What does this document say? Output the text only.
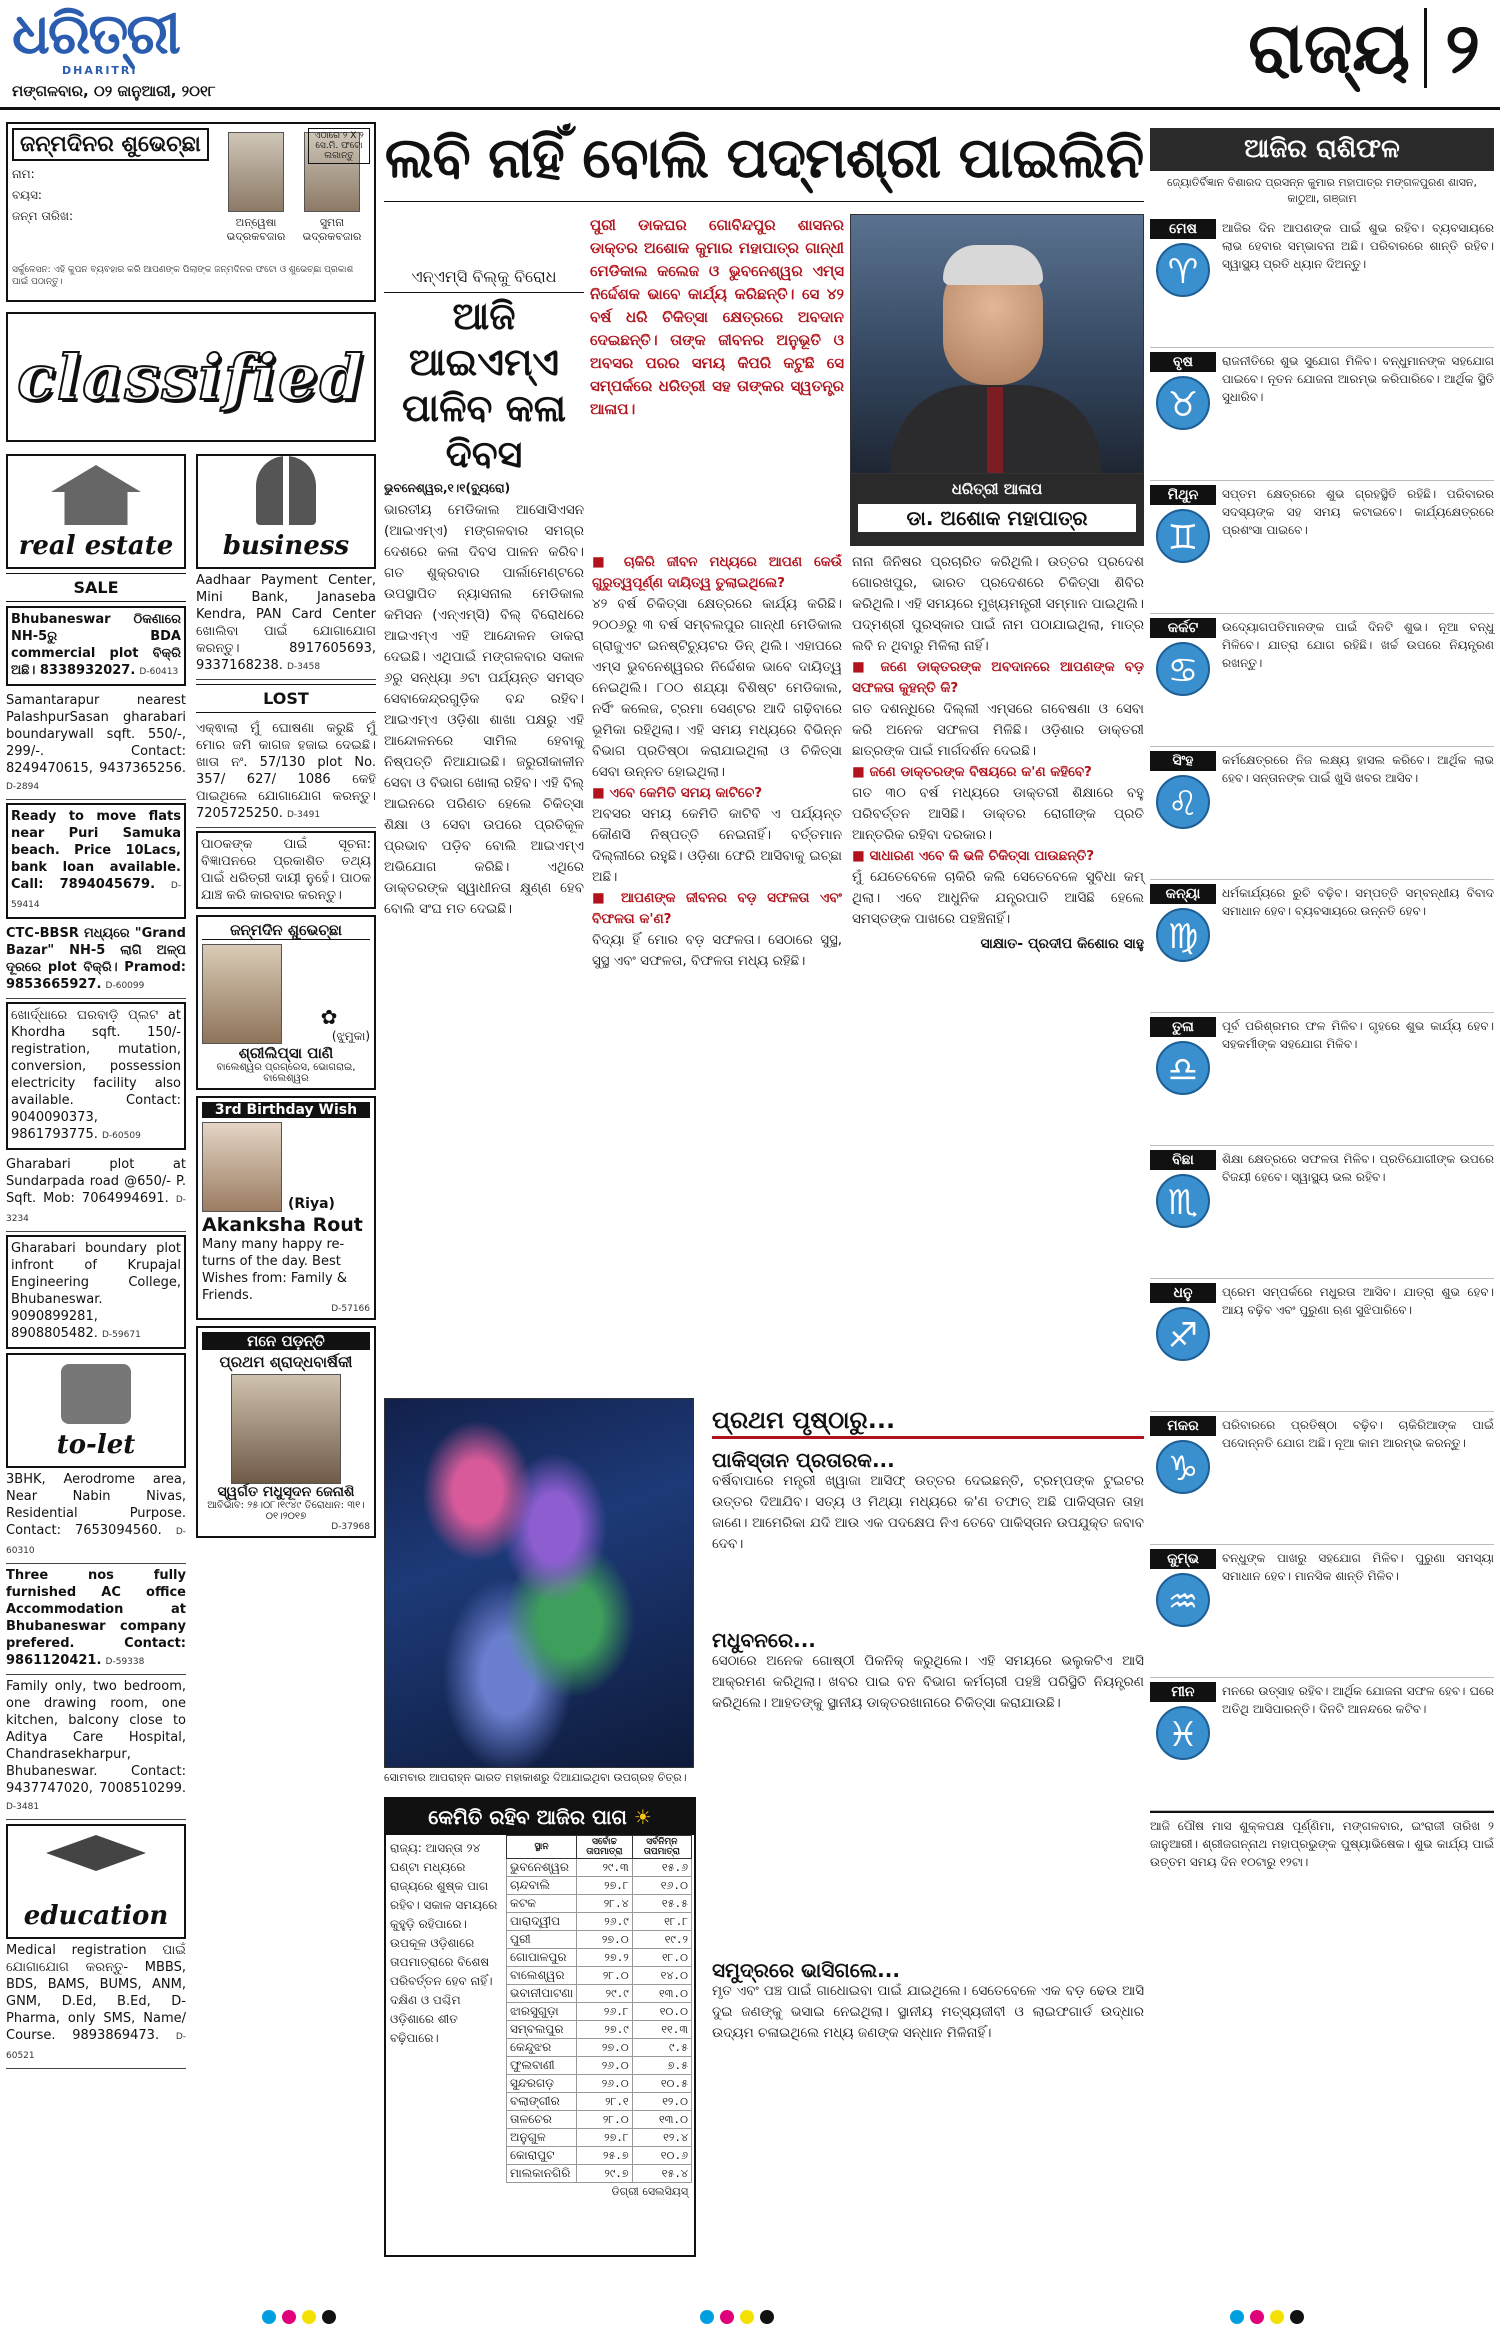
ଧରିତ୍ରୀ
DHARITRI
ମଙ୍ଗଳବାର, ୦୨ ଜାନୁଆରୀ, ୨୦୧୮
ରାଜ୍ୟ ୨
ଜନ୍ମଦିନର ଶୁଭେଚ୍ଛା
ନାମ:
ବୟସ:
ଜନ୍ମ ତାରିଖ:	ଅନ୍ୱେଷା ଭଦ୍ରକବଜାର
ସୁମନା ଭଦ୍ରକବଜାର
ଏଠାରେ ୨ X ୨ ସେ.ମି. ଫଟୋ ଲଗାନ୍ତୁ
ସର୍କୁଳେସନ: ଏହି କୁପନ ବ୍ୟବହାର କରି ଆପଣଙ୍କ ପିଲାଙ୍କ ଜନ୍ମଦିନର ଫଟୋ ଓ ଶୁଭେଚ୍ଛା ପ୍ରକାଶ ପାଇଁ ପଠାନ୍ତୁ।
classified
real estate
SALE
Bhubaneswar ଠିକଣାରେ NH-5ରୁ BDA commercial plot ବିକ୍ରି ଅଛି। 8338932027. D-60413
Samantarapur nearest PalashpurSasan gharabari boundarywall sqft. 550/-, 299/-. Contact: 8249470615, 9437365256. D-2894
Ready to move flats near Puri Samuka beach. Price 10Lacs, bank loan available. Call: 7894045679. D-59414
CTC-BBSR ମଧ୍ୟରେ "Grand Bazar" NH-5 ଲାଗି ଅଳ୍ପ ଦୂରରେ plot ବିକ୍ରି। Pramod: 9853665927. D-60099
ଖୋର୍ଦ୍ଧାରେ ଘରବାଡ଼ି ପ୍ଲଟ at Khordha sqft. 150/- registration, mutation, conversion, possession electricity facility also available. Contact: 9040090373, 9861793775. D-60509
Gharabari plot at Sundarpada road @650/- P. Sqft. Mob: 7064994691. D-3234
Gharabari boundary plot infront of Krupajal Engineering College, Bhubaneswar. 9090899281, 8908805482. D-59671
to-let
3BHK, Aerodrome area, Near Nabin Nivas, Residential Purpose. Contact: 7653094560. D-60310
Three nos fully furnished AC office Accommodation at Bhubaneswar company prefered. Contact: 9861120421. D-59338
Family only, two bedroom, one drawing room, one kitchen, balcony close to Aditya Care Hospital, Chandrasekharpur, Bhubaneswar. Contact: 9437747020, 7008510299. D-3481
education
Medical registration ପାଇଁ ଯୋଗାଯୋଗ କରନ୍ତୁ- MBBS, BDS, BAMS, BUMS, ANM, GNM, D.Ed, B.Ed, D-Pharma, only SMS, Name/ Course. 9893869473. D-60521
business
Aadhaar Payment Center, Mini Bank, Janaseba Kendra, PAN Card Center ଖୋଲିବା ପାଇଁ ଯୋଗାଯୋଗ କରନ୍ତୁ। 8917605693, 9337168238. D-3458
LOST
ଏକ୍ଵାଲା ମୁଁ ଘୋଷଣା କରୁଛି ମୁଁ ମୋର ଜମି କାଗଜ ହଜାଇ ଦେଇଛି। ଖାତା ନଂ. 57/130 plot No. 357/ 627/ 1086 କେହି ପାଇଥିଲେ ଯୋଗାଯୋଗ କରନ୍ତୁ। 7205725250. D-3491
ପାଠକଙ୍କ ପାଇଁ ସୂଚନା: ବିଜ୍ଞାପନରେ ପ୍ରକାଶିତ ତଥ୍ୟ ପାଇଁ ଧରିତ୍ରୀ ଦାୟୀ ନୁହେଁ। ପାଠକ ଯାଞ୍ଚ କରି କାରବାର କରନ୍ତୁ।
ଜନ୍ମଦିନ ଶୁଭେଚ୍ଛା
✿
(ଝୁମୁକା)
ଶ୍ରୀଲିପ୍ସା ପାଣି
ବାଲେଶ୍ୱର ପ୍ରଗ୍ରେସ, ଭୋଗରାଇ, ବାଲେଶ୍ୱର
3rd Birthday Wish
(Riya)
Akanksha Rout
Many many happy re-turns of the day. Best Wishes from: Family & Friends.
D-57166
ମନେ ପଡ଼ନ୍ତି
ପ୍ରଥମ ଶ୍ରାଦ୍ଧବାର୍ଷିକୀ
ସ୍ୱର୍ଗତ ମଧୁସୂଦନ ଜେନାଶି
ଆବିର୍ଭାବ: ୨୫।୦୮।୧୯୪୯ ତିରୋଧାନ: ୩୧।୦୧।୨୦୧୭
D-37968
ଲବି ନାହିଁ ବୋଲି ପଦ୍ମଶ୍ରୀ ପାଇଲିନି
ପୁରୀ ଡାକଘର ଗୋବିନ୍ଦପୁର ଶାସନର ଡାକ୍ତର ଅଶୋକ କୁମାର ମହାପାତ୍ର ଗାନ୍ଧୀ ମେଡିକାଲ କଲେଜ ଓ ଭୁବନେଶ୍ୱର ଏମ୍ସ ନିର୍ଦ୍ଦେଶକ ଭାବେ କାର୍ଯ୍ୟ କରିଛନ୍ତି। ସେ ୪୨ ବର୍ଷ ଧରି ଚିକିତ୍ସା କ୍ଷେତ୍ରରେ ଅବଦାନ ଦେଇଛନ୍ତି। ତାଙ୍କ ଜୀବନର ଅନୁଭୂତି ଓ ଅବସର ପରର ସମୟ କିପରି କଟୁଛି ସେ ସମ୍ପର୍କରେ ଧରିତ୍ରୀ ସହ ତାଙ୍କର ସ୍ୱତନ୍ତ୍ର ଆଳାପ।
ଧରିତ୍ରୀ ଆଳାପ
ଡା. ଅଶୋକ ମହାପାତ୍ର
ଏନ୍‌ଏମ୍‌ସି ବିଲ୍‌କୁ ବିରୋଧ
ଆଜି ଆଇଏମ୍‌ଏ ପାଳିବ କଳା ଦିବସ
ଭୁବନେଶ୍ୱର,୧।୧(ବ୍ୟୁରୋ)
ଭାରତୀୟ ମେଡିକାଲ ଆସୋସିଏସନ (ଆଇଏମ୍‌ଏ) ମଙ୍ଗଳବାର ସମଗ୍ର ଦେଶରେ କଳା ଦିବସ ପାଳନ କରିବ। ଗତ ଶୁକ୍ରବାର ପାର୍ଲାମେଣ୍ଟରେ ଉପସ୍ଥାପିତ ନ୍ୟାସନାଲ ମେଡିକାଲ କମିସନ (ଏନ୍‌ଏମ୍‌ସି) ବିଲ୍ ବିରୋଧରେ ଆଇଏମ୍‌ଏ ଏହି ଆନ୍ଦୋଳନ ଡାକରା ଦେଇଛି। ଏଥିପାଇଁ ମଙ୍ଗଳବାର ସକାଳ ୬ରୁ ସନ୍ଧ୍ୟା ୬ଟା ପର୍ଯ୍ୟନ୍ତ ସମସ୍ତ ସେବାକେନ୍ଦ୍ରଗୁଡ଼ିକ ବନ୍ଦ ରହିବ। ଆଇଏମ୍‌ଏ ଓଡ଼ିଶା ଶାଖା ପକ୍ଷରୁ ଏହି ଆନ୍ଦୋଳନରେ ସାମିଲ ହେବାକୁ ନିଷ୍ପତ୍ତି ନିଆଯାଇଛି। ଜରୁରୀକାଳୀନ ସେବା ଓ ବିଭାଗ ଖୋଲା ରହିବ। ଏହି ବିଲ୍ ଆଇନରେ ପରିଣତ ହେଲେ ଚିକିତ୍ସା ଶିକ୍ଷା ଓ ସେବା ଉପରେ ପ୍ରତିକୂଳ ପ୍ରଭାବ ପଡ଼ିବ ବୋଲି ଆଇଏମ୍‌ଏ ଅଭିଯୋଗ କରିଛି। ଏଥିରେ ଡାକ୍ତରଙ୍କ ସ୍ୱାଧୀନତା କ୍ଷୁଣ୍ଣ ହେବ ବୋଲି ସଂଘ ମତ ଦେଇଛି।
■ ଚାକିରି ଜୀବନ ମଧ୍ୟରେ ଆପଣ କେଉଁ ଗୁରୁତ୍ୱପୂର୍ଣ୍ଣ ଦାୟିତ୍ୱ ତୁଲାଇଥିଲେ?
୪୨ ବର୍ଷ ଚିକିତ୍ସା କ୍ଷେତ୍ରରେ କାର୍ଯ୍ୟ କରିଛି। ୨୦୦୬ରୁ ୩ ବର୍ଷ ସମ୍ବଲପୁର ଗାନ୍ଧୀ ମେଡିକାଲ ଗ୍ରାଜୁଏଟ ଇନଷ୍ଟିଚ୍ୟୁଟର ଡିନ୍ ଥିଲି। ଏହାପରେ ଏମ୍ସ ଭୁବନେଶ୍ୱରର ନିର୍ଦ୍ଦେଶକ ଭାବେ ଦାୟିତ୍ୱ ନେଇଥିଲି। ୮୦୦ ଶଯ୍ୟା ବିଶିଷ୍ଟ ମେଡିକାଲ, ନର୍ସିଂ କଲେଜ, ଟ୍ରମା ସେଣ୍ଟର ଆଦି ଗଢ଼ିବାରେ ଭୂମିକା ରହିଥିଲା। ଏହି ସମୟ ମଧ୍ୟରେ ବିଭିନ୍ନ ବିଭାଗ ପ୍ରତିଷ୍ଠା କରାଯାଇଥିଲା ଓ ଚିକିତ୍ସା ସେବା ଉନ୍ନତ ହୋଇଥିଲା।
■ ଏବେ କେମିତି ସମୟ କାଟିଚେ?
ଅବସର ସମୟ କେମିତି କାଟିବି ଏ ପର୍ଯ୍ୟନ୍ତ କୌଣସି ନିଷ୍ପତ୍ତି ନେଇନାହିଁ। ବର୍ତ୍ତମାନ ଦିଲ୍ଲୀରେ ରହୁଛି। ଓଡ଼ିଶା ଫେରି ଆସିବାକୁ ଇଚ୍ଛା ଅଛି।
■ ଆପଣଙ୍କ ଜୀବନର ବଡ଼ ସଫଳତା ଏବଂ ବିଫଳତା କ'ଣ?
ବିଦ୍ୟା ହିଁ ମୋର ବଡ଼ ସଫଳତା। ସେଠାରେ ସୁସ୍ଥ, ସୁସ୍ଥ ଏବଂ ସଫଳତା, ବିଫଳତା ମଧ୍ୟ ରହିଛି।
ନାନା ଜିନିଷର ପ୍ରଚାରିତ କରିଥିଲି। ଉତ୍ତର ପ୍ରଦେଶ ଗୋରଖପୁର, ଭାରତ ପ୍ରଦେଶରେ ଚିକିତ୍ସା ଶିବିର କରିଥିଲି। ଏହି ସମୟରେ ମୁଖ୍ୟମନ୍ତ୍ରୀ ସମ୍ମାନ ପାଇଥିଲି। ପଦ୍ମଶ୍ରୀ ପୁରସ୍କାର ପାଇଁ ନାମ ପଠାଯାଇଥିଲା, ମାତ୍ର ଲବି ନ ଥିବାରୁ ମିଳିଲା ନାହିଁ।
■ ଜଣେ ଡାକ୍ତରଙ୍କ ଅବଦାନରେ ଆପଣଙ୍କ ବଡ଼ ସଫଳତା କୁହନ୍ତି କି?
ଗତ ଦଶନ୍ଧିରେ ଦିଲ୍ଲୀ ଏମ୍ସରେ ଗବେଷଣା ଓ ସେବା କରି ଅନେକ ସଫଳତା ମିଳିଛି। ଓଡ଼ିଶାର ଡାକ୍ତରୀ ଛାତ୍ରଙ୍କ ପାଇଁ ମାର୍ଗଦର୍ଶନ ଦେଇଛି।
■ ଜଣେ ଡାକ୍ତରଙ୍କ ବିଷୟରେ କ'ଣ କହିବେ?
ଗତ ୩୦ ବର୍ଷ ମଧ୍ୟରେ ଡାକ୍ତରୀ ଶିକ୍ଷାରେ ବହୁ ପରିବର୍ତ୍ତନ ଆସିଛି। ଡାକ୍ତର ରୋଗୀଙ୍କ ପ୍ରତି ଆନ୍ତରିକ ରହିବା ଦରକାର।
■ ସାଧାରଣ ଏବେ କି ଭଳି ଚିକିତ୍ସା ପାଉଛନ୍ତି?
ମୁଁ ଯେତେବେଳେ ଚାକିରି କଲି ସେତେବେଳେ ସୁବିଧା କମ୍ ଥିଲା। ଏବେ ଆଧୁନିକ ଯନ୍ତ୍ରପାତି ଆସିଛି ହେଲେ ସମସ୍ତଙ୍କ ପାଖରେ ପହଞ୍ଚିନାହିଁ।
ସାକ୍ଷାତ- ପ୍ରଦୀପ କିଶୋର ସାହୁ
ସୋମବାର ଆପରାହ୍ନ ଭାରତ ମହାକାଶରୁ ଦିଆଯାଇଥିବା ଉପଗ୍ରହ ଚିତ୍ର।
କେମିତି ରହିବ ଆଜିର ପାଗ ☀
ରାଜ୍ୟ: ଆସନ୍ତା ୨୪ ଘଣ୍ଟା ମଧ୍ୟରେ ରାଜ୍ୟରେ ଶୁଷ୍କ ପାଗ ରହିବ। ସକାଳ ସମୟରେ କୁହୁଡ଼ି ରହିପାରେ। ଉପକୂଳ ଓଡ଼ିଶାରେ ତାପମାତ୍ରାରେ ବିଶେଷ ପରିବର୍ତ୍ତନ ହେବ ନାହିଁ। ଦକ୍ଷିଣ ଓ ପଶ୍ଚିମ ଓଡ଼ିଶାରେ ଶୀତ ବଢ଼ିପାରେ।
ସ୍ଥାନ	ସର୍ବୋଚ୍ଚ ତାପମାତ୍ରା	ସର୍ବନିମ୍ନ ତାପମାତ୍ରା
ଭୁବନେଶ୍ୱର	୨୯.୩	୧୫.୬
ଚାନ୍ଦବାଲି	୨୭.୮	୧୬.୦
କଟକ	୨୮.୪	୧୫.୫
ପାରାଦ୍ୱୀପ	୨୬.୯	୧୮.୮
ପୁରୀ	୨୭.୦	୧୯.୨
ଗୋପାଳପୁର	୨୭.୨	୧୮.୦
ବାଲେଶ୍ୱର	୨୮.୦	୧୪.୦
ଭବାନୀପାଟଣା	୨୯.୯	୧୩.୦
ଝାରସୁଗୁଡ଼ା	୨୬.୮	୧୦.୦
ସମ୍ବଲପୁର	୨୭.୯	୧୧.୩
କେନ୍ଦୁଝର	୨୭.୦	୯.୫
ଫୁଲବାଣୀ	୨୬.୦	୭.୫
ସୁନ୍ଦରଗଡ଼	୨୬.୦	୧୦.୫
ବଲାଙ୍ଗୀର	୨୮.୧	୧୨.୦
ତାଳଚେର	୨୮.୦	୧୩.୦
ଅନୁଗୁଳ	୨୭.୮	୧୨.୪
କୋରାପୁଟ	୨୫.୭	୧୦.୬
ମାଲକାନଗିରି	୨୯.୭	୧୫.୪
ଡିଗ୍ରୀ ସେଲସିୟସ୍
ପ୍ରଥମ ପୃଷ୍ଠାରୁ...
ପାକିସ୍ତାନ ପ୍ରତାରକ...
ବର୍ଷିବାପାରେ ମନ୍ତ୍ରୀ ଖ୍ୱାଜା ଆସିଫ୍ ଉତ୍ତର ଦେଇଛନ୍ତି, ଟ୍ରମ୍ପଙ୍କ ଟୁଇଟର ଉତ୍ତର ଦିଆଯିବ। ସତ୍ୟ ଓ ମିଥ୍ୟା ମଧ୍ୟରେ କ'ଣ ତଫାତ୍ ଅଛି ପାକିସ୍ତାନ ତାହା ଜାଣେ। ଆମେରିକା ଯଦି ଆଉ ଏକ ପଦକ୍ଷେପ ନିଏ ତେବେ ପାକିସ୍ତାନ ଉପଯୁକ୍ତ ଜବାବ ଦେବ।
ମଧୁବନରେ...
ସେଠାରେ ଅନେକ ଗୋଷ୍ଠୀ ପିକନିକ୍ କରୁଥିଲେ। ଏହି ସମୟରେ ଭଲୁକଟିଏ ଆସି ଆକ୍ରମଣ କରିଥିଲା। ଖବର ପାଇ ବନ ବିଭାଗ କର୍ମଚାରୀ ପହଞ୍ଚି ପରିସ୍ଥିତି ନିୟନ୍ତ୍ରଣ କରିଥିଲେ। ଆହତଙ୍କୁ ସ୍ଥାନୀୟ ଡାକ୍ତରଖାନାରେ ଚିକିତ୍ସା କରାଯାଉଛି।
ସମୁଦ୍ରରେ ଭାସିଗଲେ...
ମୃତ ଏବଂ ପଞ୍ଚ ପାଇଁ ଗାଧୋଇବା ପାଇଁ ଯାଇଥିଲେ। ସେତେବେଳେ ଏକ ବଡ଼ ଢେଉ ଆସି ଦୁଇ ଜଣଙ୍କୁ ଭସାଇ ନେଇଥିଲା। ସ୍ଥାନୀୟ ମତ୍ସ୍ୟଜୀବୀ ଓ ଲାଇଫଗାର୍ଡ ଉଦ୍ଧାର ଉଦ୍ୟମ ଚଳାଇଥିଲେ ମଧ୍ୟ ଜଣଙ୍କ ସନ୍ଧାନ ମିଳିନାହିଁ।
ଆଜିର ରାଶିଫଳ
ଜ୍ୟୋତିର୍ବିଜ୍ଞାନ ବିଶାରଦ ପ୍ରସନ୍ନ କୁମାର ମହାପାତ୍ର ମଙ୍ଗଳପୁରଣ ଶାସନ, କାଠୁଆ, ଗଞ୍ଜାମ
ମେଷ
♈
ଆଜିର ଦିନ ଆପଣଙ୍କ ପାଇଁ ଶୁଭ ରହିବ। ବ୍ୟବସାୟରେ ଲାଭ ହେବାର ସମ୍ଭାବନା ଅଛି। ପରିବାରରେ ଶାନ୍ତି ରହିବ। ସ୍ୱାସ୍ଥ୍ୟ ପ୍ରତି ଧ୍ୟାନ ଦିଅନ୍ତୁ।
ବୃଷ
♉
ରାଜନୀତିରେ ଶୁଭ ସୁଯୋଗ ମିଳିବ। ବନ୍ଧୁମାନଙ୍କ ସହଯୋଗ ପାଇବେ। ନୂତନ ଯୋଜନା ଆରମ୍ଭ କରିପାରିବେ। ଆର୍ଥିକ ସ୍ଥିତି ସୁଧାରିବ।
ମିଥୁନ
♊
ସପ୍ତମ କ୍ଷେତ୍ରରେ ଶୁଭ ଗ୍ରହସ୍ଥିତି ରହିଛି। ପରିବାରର ସଦସ୍ୟଙ୍କ ସହ ସମୟ କଟାଇବେ। କାର୍ଯ୍ୟକ୍ଷେତ୍ରରେ ପ୍ରଶଂସା ପାଇବେ।
କର୍କଟ
♋
ଉଦ୍ୟୋଗପତିମାନଙ୍କ ପାଇଁ ଦିନଟି ଶୁଭ। ନୂଆ ବନ୍ଧୁ ମିଳିବେ। ଯାତ୍ରା ଯୋଗ ରହିଛି। ଖର୍ଚ୍ଚ ଉପରେ ନିୟନ୍ତ୍ରଣ ରଖନ୍ତୁ।
ସିଂହ
♌
କର୍ମକ୍ଷେତ୍ରରେ ନିଜ ଲକ୍ଷ୍ୟ ହାସଲ କରିବେ। ଆର୍ଥିକ ଲାଭ ହେବ। ସନ୍ତାନଙ୍କ ପାଇଁ ଖୁସି ଖବର ଆସିବ।
କନ୍ୟା
♍
ଧର୍ମକାର୍ଯ୍ୟରେ ରୁଚି ବଢ଼ିବ। ସମ୍ପତ୍ତି ସମ୍ବନ୍ଧୀୟ ବିବାଦ ସମାଧାନ ହେବ। ବ୍ୟବସାୟରେ ଉନ୍ନତି ହେବ।
ତୁଳା
♎
ପୂର୍ବ ପରିଶ୍ରମର ଫଳ ମିଳିବ। ଗୃହରେ ଶୁଭ କାର୍ଯ୍ୟ ହେବ। ସହକର୍ମୀଙ୍କ ସହଯୋଗ ମିଳିବ।
ବିଛା
♏
ଶିକ୍ଷା କ୍ଷେତ୍ରରେ ସଫଳତା ମିଳିବ। ପ୍ରତିଯୋଗୀଙ୍କ ଉପରେ ବିଜୟୀ ହେବେ। ସ୍ୱାସ୍ଥ୍ୟ ଭଲ ରହିବ।
ଧନୁ
♐
ପ୍ରେମ ସମ୍ପର୍କରେ ମଧୁରତା ଆସିବ। ଯାତ୍ରା ଶୁଭ ହେବ। ଆୟ ବଢ଼ିବ ଏବଂ ପୁରୁଣା ଋଣ ସୁଝିପାରିବେ।
ମକର
♑
ପରିବାରରେ ପ୍ରତିଷ୍ଠା ବଢ଼ିବ। ଚାକିରିଆଙ୍କ ପାଇଁ ପଦୋନ୍ନତି ଯୋଗ ଅଛି। ନୂଆ କାମ ଆରମ୍ଭ କରନ୍ତୁ।
କୁମ୍ଭ
♒
ବନ୍ଧୁଙ୍କ ପାଖରୁ ସହଯୋଗ ମିଳିବ। ପୁରୁଣା ସମସ୍ୟା ସମାଧାନ ହେବ। ମାନସିକ ଶାନ୍ତି ମିଳିବ।
ମୀନ
♓
ମନରେ ଉତ୍ସାହ ରହିବ। ଆର୍ଥିକ ଯୋଜନା ସଫଳ ହେବ। ଘରେ ଅତିଥି ଆସିପାରନ୍ତି। ଦିନଟି ଆନନ୍ଦରେ କଟିବ।
ଆଜି ପୌଷ ମାସ ଶୁକ୍ଳପକ୍ଷ ପୂର୍ଣ୍ଣିମା, ମଙ୍ଗଳବାର, ଇଂରାଜୀ ତାରିଖ ୨ ଜାନୁଆରୀ। ଶ୍ରୀଜଗନ୍ନାଥ ମହାପ୍ରଭୁଙ୍କ ପୁଷ୍ୟାଭିଷେକ। ଶୁଭ କାର୍ଯ୍ୟ ପାଇଁ ଉତ୍ତମ ସମୟ ଦିନ ୧୦ଟାରୁ ୧୨ଟା।
